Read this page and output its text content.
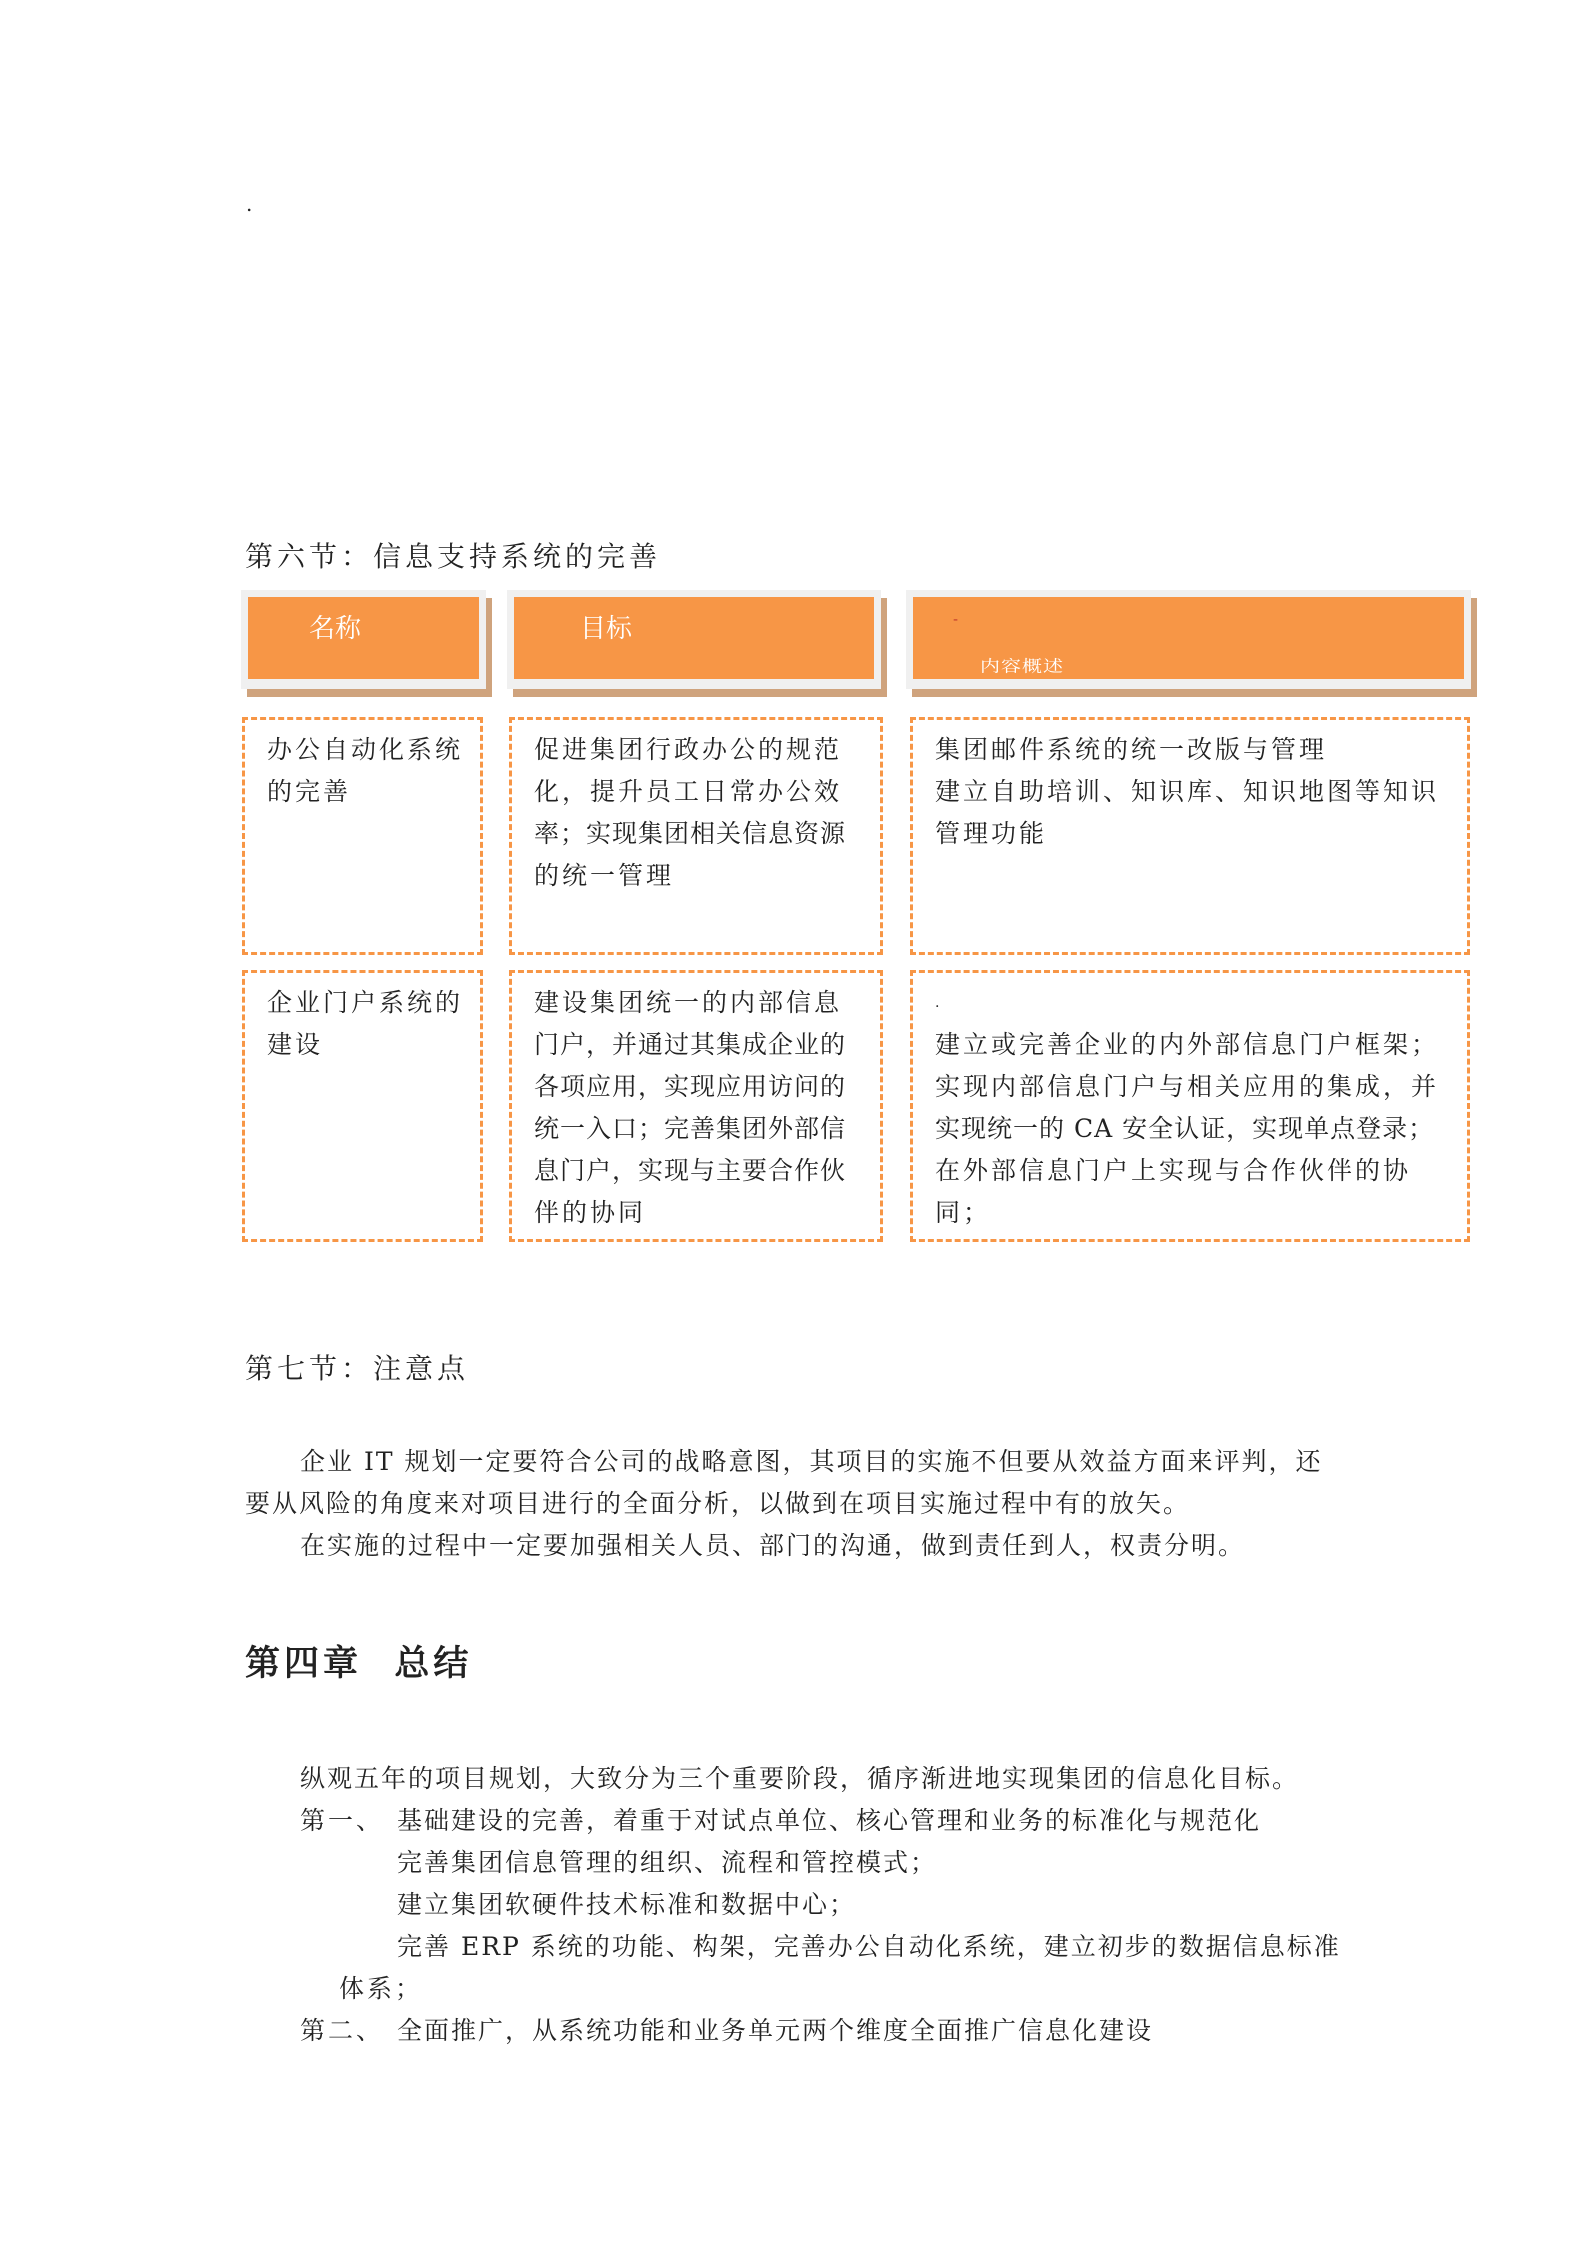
.
第六节：信息支持系统的完善
名称	目标	-
内容概述
办公自动化系统
的完善
促进集团行政办公的规范
化，提升员工日常办公效
率；实现集团相关信息资源
的统一管理
集团邮件系统的统一改版与管理
建立自助培训、知识库、知识地图等知识
管理功能
企业门户系统的
建设
建设集团统一的内部信息
门户，并通过其集成企业的
各项应用，实现应用访问的
统一入口；完善集团外部信
息门户，实现与主要合作伙
伴的协同
.
建立或完善企业的内外部信息门户框架；
实现内部信息门户与相关应用的集成，并
实现统一的 CA 安全认证，实现单点登录；
在外部信息门户上实现与合作伙伴的协
同；
第七节：注意点
企业 IT 规划一定要符合公司的战略意图，其项目的实施不但要从效益方面来评判，还
要从风险的角度来对项目进行的全面分析，以做到在项目实施过程中有的放矢。
在实施的过程中一定要加强相关人员、部门的沟通，做到责任到人，权责分明。
第四章  总结
纵观五年的项目规划，大致分为三个重要阶段，循序渐进地实现集团的信息化目标。
第一、 基础建设的完善，着重于对试点单位、核心管理和业务的标准化与规范化
完善集团信息管理的组织、流程和管控模式；
建立集团软硬件技术标准和数据中心；
完善 ERP 系统的功能、构架，完善办公自动化系统，建立初步的数据信息标准
体系；
第二、 全面推广，从系统功能和业务单元两个维度全面推广信息化建设
